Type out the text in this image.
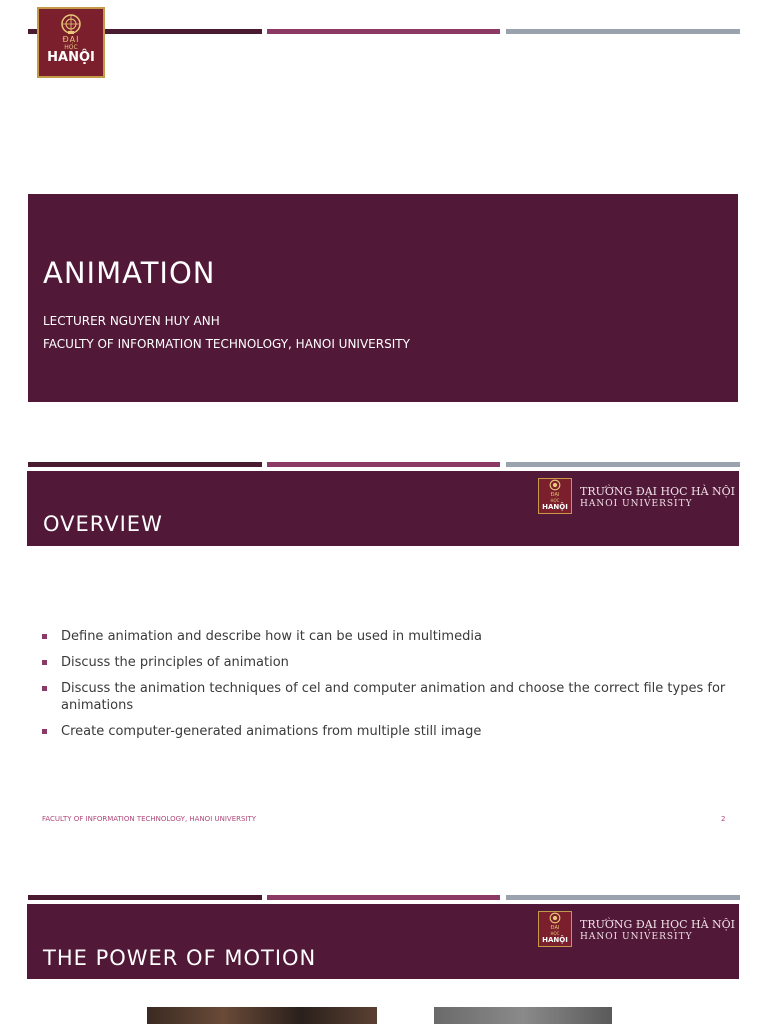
ĐẠI
HỌC
HANỘI
ANIMATION
LECTURER NGUYEN HUY ANH
FACULTY OF INFORMATION TECHNOLOGY, HANOI UNIVERSITY
OVERVIEW
ĐẠI
HỌC
HANỘI
TRƯỜNG ĐẠI HỌC HÀ NỘI
HANOI UNIVERSITY
Define animation and describe how it can be used in multimedia
Discuss the principles of animation
Discuss the animation techniques of cel and computer animation and choose the correct file types for animations
Create computer-generated animations from multiple still image
FACULTY OF INFORMATION TECHNOLOGY, HANOI UNIVERSITY	2
THE POWER OF MOTION
ĐẠI
HỌC
HANỘI
TRƯỜNG ĐẠI HỌC HÀ NỘI
HANOI UNIVERSITY
